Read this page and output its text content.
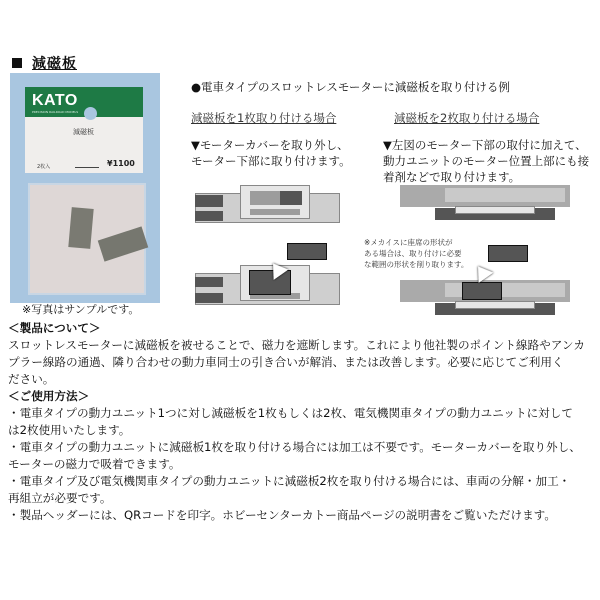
減磁板
KATO
PRECISION RAILROAD MODELS
減磁板
2枚入	¥1100
※写真はサンプルです。
●電車タイプのスロットレスモーターに減磁板を取り付ける例
減磁板を1枚取り付ける場合	減磁板を2枚取り付ける場合
▼モーターカバーを取り外し、
モーター下部に取り付けます。
▼左図のモーター下部の取付に加えて、
動力ユニットのモーター位置上部にも接
着剤などで取り付けます。
※メカイスに座席の形状が
ある場合は、取り付けに必要
な範囲の形状を削り取ります。
＜製品について＞
スロットレスモーターに減磁板を被せることで、磁力を遮断します。これにより他社製のポイント線路やアンカ
プラー線路の通過、隣り合わせの動力車同士の引き合いが解消、または改善します。必要に応じてご利用く
ださい。
＜ご使用方法＞
・電車タイプの動力ユニット1つに対し減磁板を1枚もしくは2枚、電気機関車タイプの動力ユニットに対して
は2枚使用いたします。
・電車タイプの動力ユニットに減磁板1枚を取り付ける場合には加工は不要です。モーターカバーを取り外し、
モーターの磁力で吸着できます。
・電車タイプ及び電気機関車タイプの動力ユニットに減磁板2枚を取り付ける場合には、車両の分解・加工・
再組立が必要です。
・製品ヘッダーには、QRコードを印字。ホビーセンターカトー商品ページの説明書をご覧いただけます。
